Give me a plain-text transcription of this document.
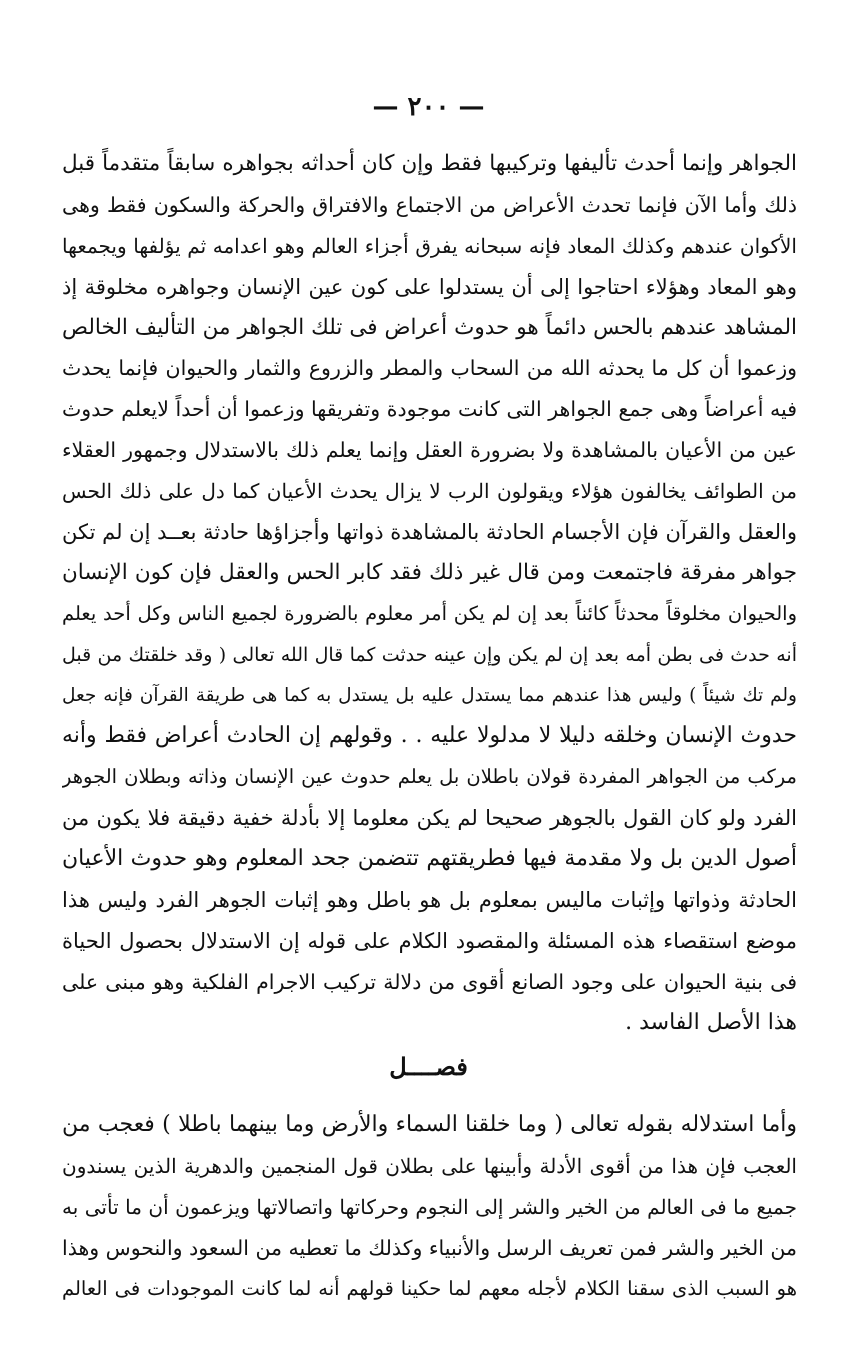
— ٢٠٠ —
الجواهر وإنما أحدث تأليفها وتركيبها فقط وإن كان أحداثه بجواهره سابقاً متقدماً قبل
ذلك وأما الآن فإنما تحدث الأعراض من الاجتماع والافتراق والحركة والسكون فقط وهى
الأكوان عندهم وكذلك المعاد فإنه سبحانه يفرق أجزاء العالم وهو اعدامه ثم يؤلفها ويجمعها
وهو المعاد وهؤلاء احتاجوا إلى أن يستدلوا على كون عين الإنسان وجواهره مخلوقة إذ
المشاهد عندهم بالحس دائماً هو حدوث أعراض فى تلك الجواهر من التأليف الخالص
وزعموا أن كل ما يحدثه الله من السحاب والمطر والزروع والثمار والحيوان فإنما يحدث
فيه أعراضاً وهى جمع الجواهر التى كانت موجودة وتفريقها وزعموا أن أحداً لايعلم حدوث
عين من الأعيان بالمشاهدة ولا بضرورة العقل وإنما يعلم ذلك بالاستدلال وجمهور العقلاء
من الطوائف يخالفون هؤلاء ويقولون الرب لا يزال يحدث الأعيان كما دل على ذلك الحس
والعقل والقرآن فإن الأجسام الحادثة بالمشاهدة ذواتها وأجزاؤها حادثة بعــد إن لم تكن
جواهر مفرقة فاجتمعت ومن قال غير ذلك فقد كابر الحس والعقل فإن كون الإنسان
والحيوان مخلوقاً محدثاً كائناً بعد إن لم يكن أمر معلوم بالضرورة لجميع الناس وكل أحد يعلم
أنه حدث فى بطن أمه بعد إن لم يكن وإن عينه حدثت كما قال الله تعالى ( وقد خلقتك من قبل
ولم تك شيئاً ) وليس هذا عندهم مما يستدل عليه بل يستدل به كما هى طريقة القرآن فإنه جعل
حدوث الإنسان وخلقه دليلا لا مدلولا عليه . . وقولهم إن الحادث أعراض فقط وأنه
مركب من الجواهر المفردة قولان باطلان بل يعلم حدوث عين الإنسان وذاته وبطلان الجوهر
الفرد ولو كان القول بالجوهر صحيحا لم يكن معلوما إلا بأدلة خفية دقيقة فلا يكون من
أصول الدين بل ولا مقدمة فيها فطريقتهم تتضمن جحد المعلوم وهو حدوث الأعيان
الحادثة وذواتها وإثبات ماليس بمعلوم بل هو باطل وهو إثبات الجوهر الفرد وليس هذا
موضع استقصاء هذه المسئلة والمقصود الكلام على قوله إن الاستدلال بحصول الحياة
فى بنية الحيوان على وجود الصانع أقوى من دلالة تركيب الاجرام الفلكية وهو مبنى على
هذا الأصل الفاسد .
فصــــل
وأما استدلاله بقوله تعالى ( وما خلقنا السماء والأرض وما بينهما باطلا ) فعجب من
العجب فإن هذا من أقوى الأدلة وأبينها على بطلان قول المنجمين والدهرية الذين يسندون
جميع ما فى العالم من الخير والشر إلى النجوم وحركاتها واتصالاتها ويزعمون أن ما تأتى به
من الخير والشر فمن تعريف الرسل والأنبياء وكذلك ما تعطيه من السعود والنحوس وهذا
هو السبب الذى سقنا الكلام لأجله معهم لما حكينا قولهم أنه لما كانت الموجودات فى العالم
